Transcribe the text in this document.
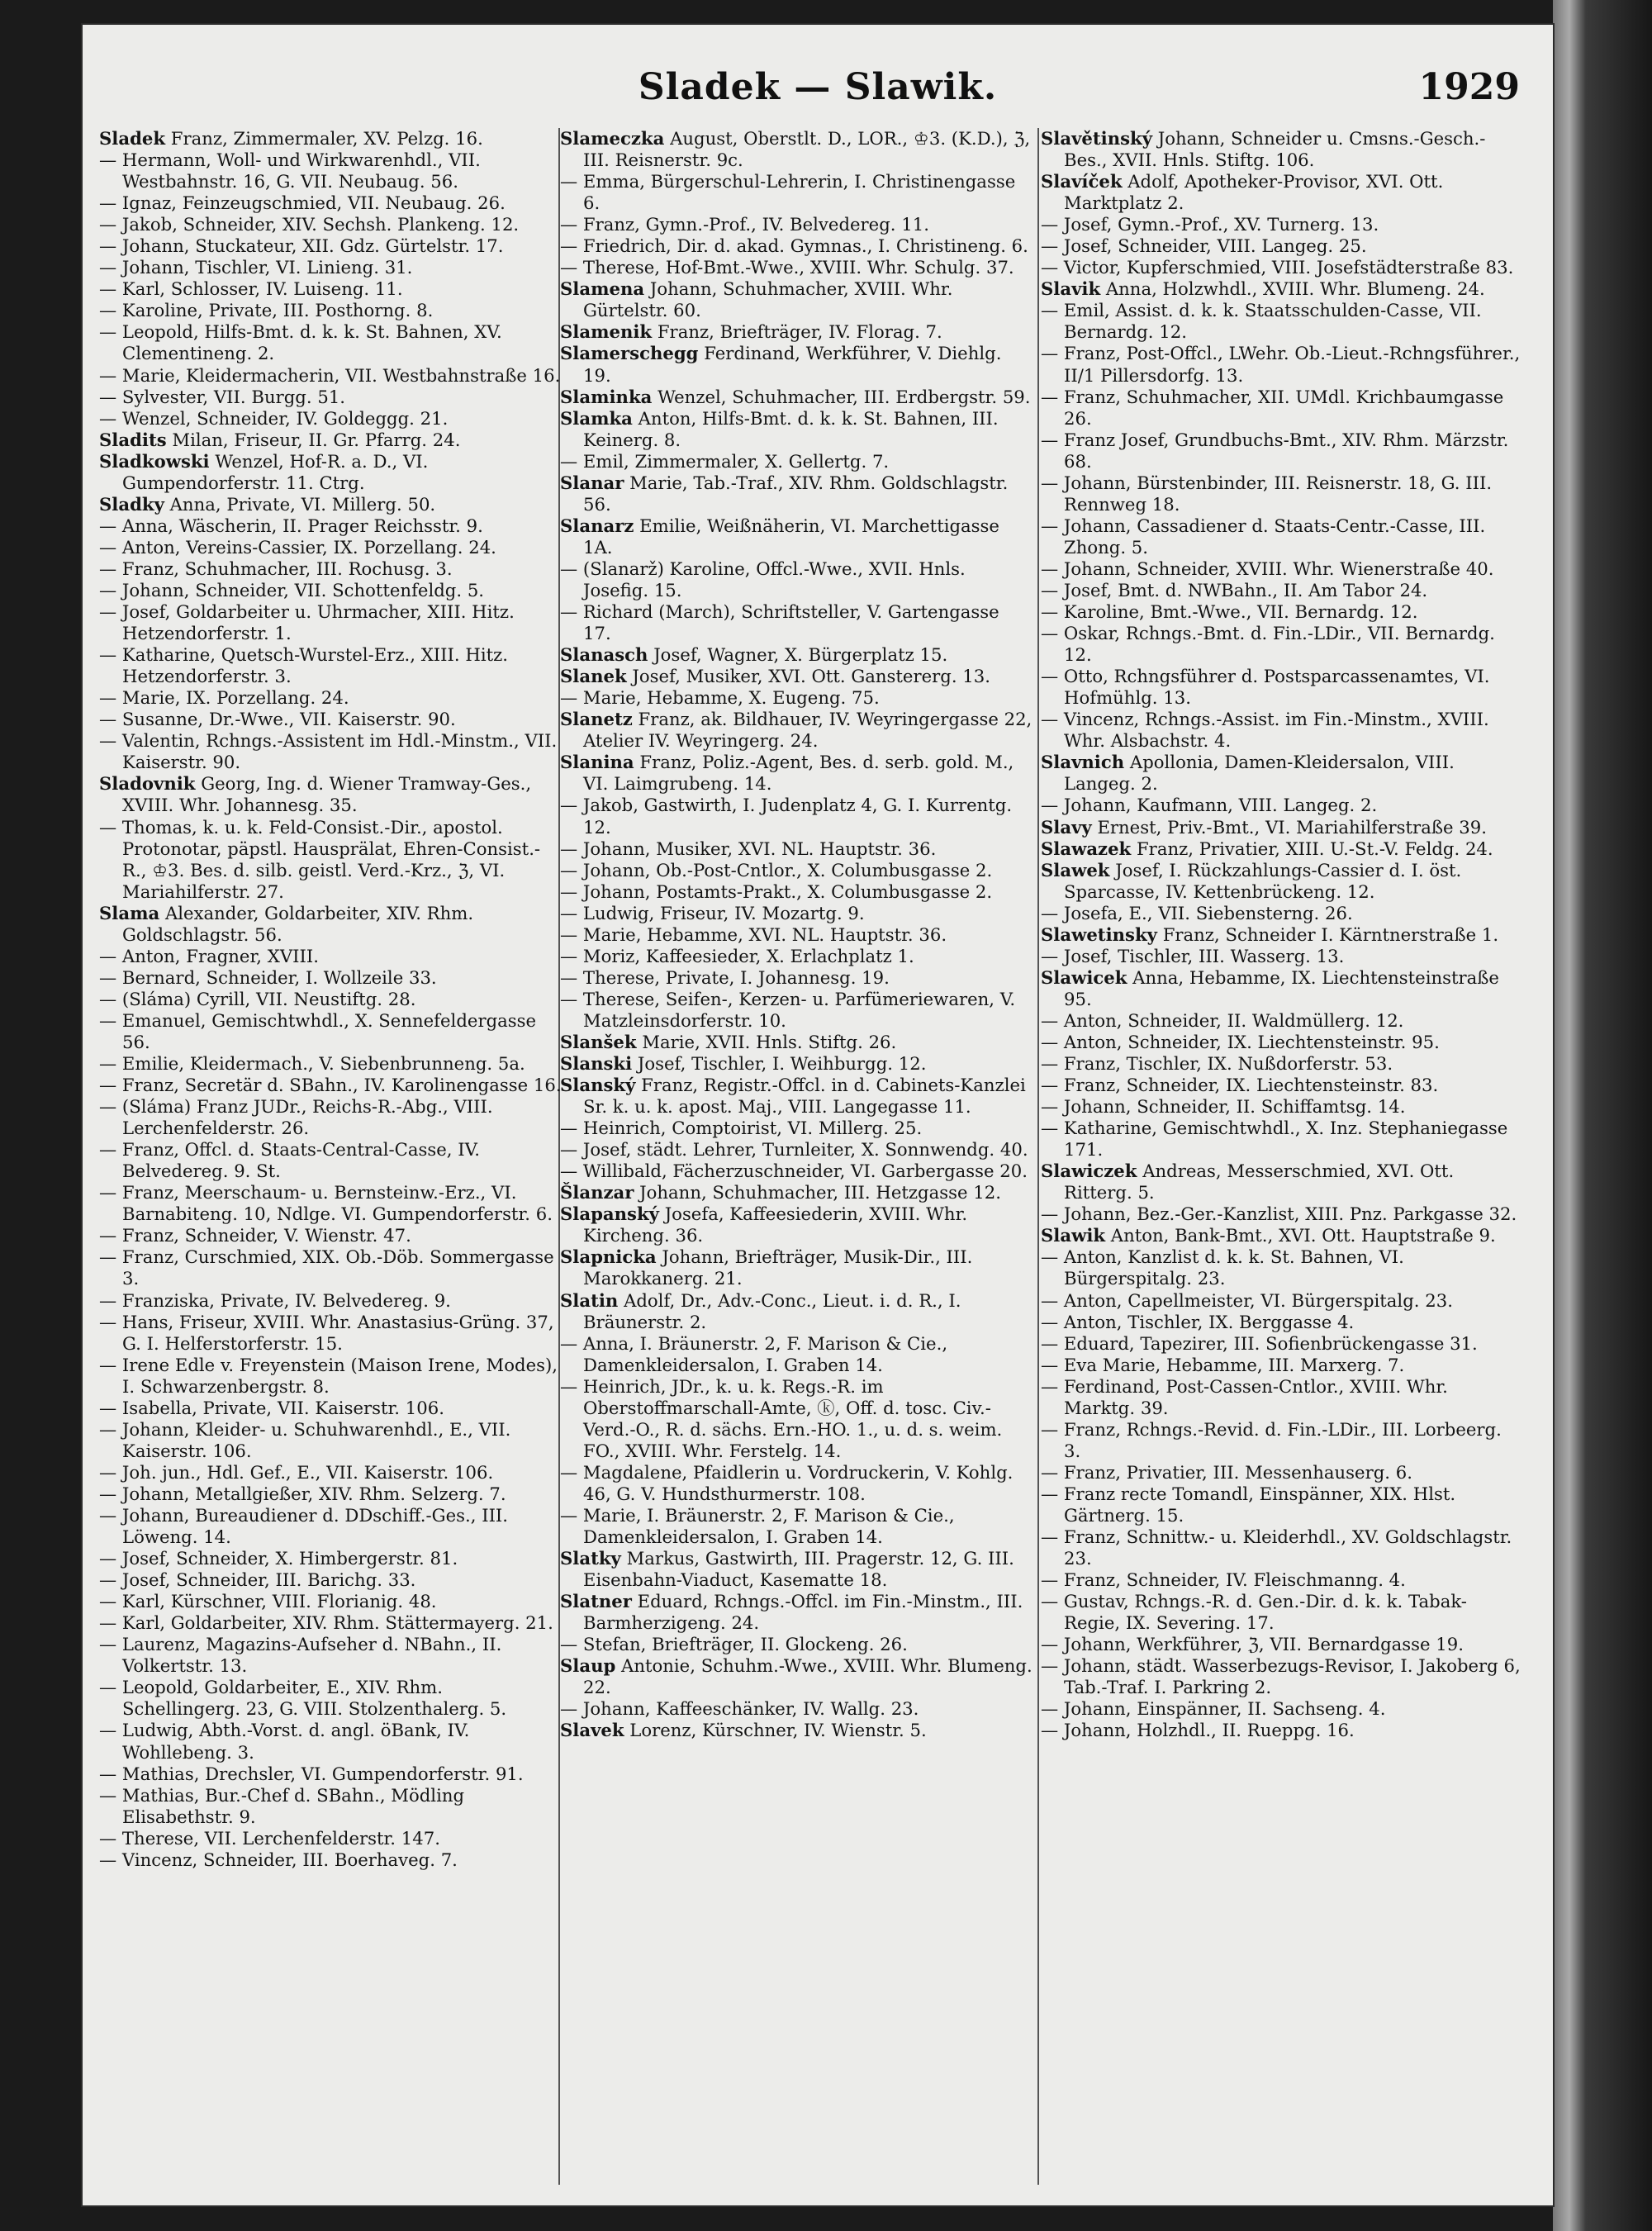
Sladek — Slawik.	1929

Sladek Franz, Zimmermaler, XV. Pelzg. 16.

— Hermann, Woll- und Wirkwarenhdl., VII. Westbahnstr. 16, G. VII. Neubaug. 56.

— Ignaz, Feinzeugschmied, VII. Neubaug. 26.

— Jakob, Schneider, XIV. Sechsh. Plankeng. 12.

— Johann, Stuckateur, XII. Gdz. Gürtelstr. 17.

— Johann, Tischler, VI. Linieng. 31.

— Karl, Schlosser, IV. Luiseng. 11.

— Karoline, Private, III. Posthorng. 8.

— Leopold, Hilfs-Bmt. d. k. k. St. Bahnen, XV. Clementineng. 2.

— Marie, Kleidermacherin, VII. Westbahnstraße 16.

— Sylvester, VII. Burgg. 51.

— Wenzel, Schneider, IV. Goldeggg. 21.

Sladits Milan, Friseur, II. Gr. Pfarrg. 24.

Sladkowski Wenzel, Hof-R. a. D., VI. Gumpendorferstr. 11. Ctrg.

Sladky Anna, Private, VI. Millerg. 50.

— Anna, Wäscherin, II. Prager Reichsstr. 9.

— Anton, Vereins-Cassier, IX. Porzellang. 24.

— Franz, Schuhmacher, III. Rochusg. 3.

— Johann, Schneider, VII. Schottenfeldg. 5.

— Josef, Goldarbeiter u. Uhrmacher, XIII. Hitz. Hetzendorferstr. 1.

— Katharine, Quetsch-Wurstel-Erz., XIII. Hitz. Hetzendorferstr. 3.

— Marie, IX. Porzellang. 24.

— Susanne, Dr.-Wwe., VII. Kaiserstr. 90.

— Valentin, Rchngs.-Assistent im Hdl.-Minstm., VII. Kaiserstr. 90.

Sladovnik Georg, Ing. d. Wiener Tramway-Ges., XVIII. Whr. Johannesg. 35.

— Thomas, k. u. k. Feld-Consist.-Dir., apostol. Protonotar, päpstl. Hausprälat, Ehren-Consist.-R., ♔3. Bes. d. silb. geistl. Verd.-Krz., ℨ, VI. Mariahilferstr. 27.

Slama Alexander, Goldarbeiter, XIV. Rhm. Goldschlagstr. 56.

— Anton, Fragner, XVIII.

— Bernard, Schneider, I. Wollzeile 33.

— (Sláma) Cyrill, VII. Neustiftg. 28.

— Emanuel, Gemischtwhdl., X. Sennefeldergasse 56.

— Emilie, Kleidermach., V. Siebenbrunneng. 5a.

— Franz, Secretär d. SBahn., IV. Karolinengasse 16.

— (Sláma) Franz JUDr., Reichs-R.-Abg., VIII. Lerchenfelderstr. 26.

— Franz, Offcl. d. Staats-Central-Casse, IV. Belvedereg. 9. St.

— Franz, Meerschaum- u. Bernsteinw.-Erz., VI. Barnabiteng. 10, Ndlge. VI. Gumpendorferstr. 6.

— Franz, Schneider, V. Wienstr. 47.

— Franz, Curschmied, XIX. Ob.-Döb. Sommergasse 3.

— Franziska, Private, IV. Belvedereg. 9.

— Hans, Friseur, XVIII. Whr. Anastasius-Grüng. 37, G. I. Helferstorferstr. 15.

— Irene Edle v. Freyenstein (Maison Irene, Modes), I. Schwarzenbergstr. 8.

— Isabella, Private, VII. Kaiserstr. 106.

— Johann, Kleider- u. Schuhwarenhdl., E., VII. Kaiserstr. 106.

— Joh. jun., Hdl. Gef., E., VII. Kaiserstr. 106.

— Johann, Metallgießer, XIV. Rhm. Selzerg. 7.

— Johann, Bureaudiener d. DDschiff.-Ges., III. Löweng. 14.

— Josef, Schneider, X. Himbergerstr. 81.

— Josef, Schneider, III. Barichg. 33.

— Karl, Kürschner, VIII. Florianig. 48.

— Karl, Goldarbeiter, XIV. Rhm. Stättermayerg. 21.

— Laurenz, Magazins-Aufseher d. NBahn., II. Volkertstr. 13.

— Leopold, Goldarbeiter, E., XIV. Rhm. Schellingerg. 23, G. VIII. Stolzenthalerg. 5.

— Ludwig, Abth.-Vorst. d. angl. öBank, IV. Wohllebeng. 3.

— Mathias, Drechsler, VI. Gumpendorferstr. 91.

— Mathias, Bur.-Chef d. SBahn., Mödling Elisabethstr. 9.

— Therese, VII. Lerchenfelderstr. 147.

— Vincenz, Schneider, III. Boerhaveg. 7.

Slameczka August, Oberstlt. D., LOR., ♔3. (K.D.), ℨ, III. Reisnerstr. 9c.

— Emma, Bürgerschul-Lehrerin, I. Christinengasse 6.

— Franz, Gymn.-Prof., IV. Belvedereg. 11.

— Friedrich, Dir. d. akad. Gymnas., I. Christineng. 6.

— Therese, Hof-Bmt.-Wwe., XVIII. Whr. Schulg. 37.

Slamena Johann, Schuhmacher, XVIII. Whr. Gürtelstr. 60.

Slamenik Franz, Briefträger, IV. Florag. 7.

Slamerschegg Ferdinand, Werkführer, V. Diehlg. 19.

Slaminka Wenzel, Schuhmacher, III. Erdbergstr. 59.

Slamka Anton, Hilfs-Bmt. d. k. k. St. Bahnen, III. Keinerg. 8.

— Emil, Zimmermaler, X. Gellertg. 7.

Slanar Marie, Tab.-Traf., XIV. Rhm. Goldschlagstr. 56.

Slanarz Emilie, Weißnäherin, VI. Marchettigasse 1A.

— (Slanarž) Karoline, Offcl.-Wwe., XVII. Hnls. Josefig. 15.

— Richard (March), Schriftsteller, V. Gartengasse 17.

Slanasch Josef, Wagner, X. Bürgerplatz 15.

Slanek Josef, Musiker, XVI. Ott. Ganstererg. 13.

— Marie, Hebamme, X. Eugeng. 75.

Slanetz Franz, ak. Bildhauer, IV. Weyringergasse 22, Atelier IV. Weyringerg. 24.

Slanina Franz, Poliz.-Agent, Bes. d. serb. gold. M., VI. Laimgrubeng. 14.

— Jakob, Gastwirth, I. Judenplatz 4, G. I. Kurrentg. 12.

— Johann, Musiker, XVI. NL. Hauptstr. 36.

— Johann, Ob.-Post-Cntlor., X. Columbusgasse 2.

— Johann, Postamts-Prakt., X. Columbusgasse 2.

— Ludwig, Friseur, IV. Mozartg. 9.

— Marie, Hebamme, XVI. NL. Hauptstr. 36.

— Moriz, Kaffeesieder, X. Erlachplatz 1.

— Therese, Private, I. Johannesg. 19.

— Therese, Seifen-, Kerzen- u. Parfümeriewaren, V. Matzleinsdorferstr. 10.

Slanšek Marie, XVII. Hnls. Stiftg. 26.

Slanski Josef, Tischler, I. Weihburgg. 12.

Slanský Franz, Registr.-Offcl. in d. Cabinets-Kanzlei Sr. k. u. k. apost. Maj., VIII. Langegasse 11.

— Heinrich, Comptoirist, VI. Millerg. 25.

— Josef, städt. Lehrer, Turnleiter, X. Sonnwendg. 40.

— Willibald, Fächerzuschneider, VI. Garbergasse 20.

Šlanzar Johann, Schuhmacher, III. Hetzgasse 12.

Slapanský Josefa, Kaffeesiederin, XVIII. Whr. Kircheng. 36.

Slapnicka Johann, Briefträger, Musik-Dir., III. Marokkanerg. 21.

Slatin Adolf, Dr., Adv.-Conc., Lieut. i. d. R., I. Bräunerstr. 2.

— Anna, I. Bräunerstr. 2, F. Marison & Cie., Damenkleidersalon, I. Graben 14.

— Heinrich, JDr., k. u. k. Regs.-R. im Oberstoffmarschall-Amte, ⓚ, Off. d. tosc. Civ.-Verd.-O., R. d. sächs. Ern.-HO. 1., u. d. s. weim. FO., XVIII. Whr. Ferstelg. 14.

— Magdalene, Pfaidlerin u. Vordruckerin, V. Kohlg. 46, G. V. Hundsthurmerstr. 108.

— Marie, I. Bräunerstr. 2, F. Marison & Cie., Damenkleidersalon, I. Graben 14.

Slatky Markus, Gastwirth, III. Pragerstr. 12, G. III. Eisenbahn-Viaduct, Kasematte 18.

Slatner Eduard, Rchngs.-Offcl. im Fin.-Minstm., III. Barmherzigeng. 24.

— Stefan, Briefträger, II. Glockeng. 26.

Slaup Antonie, Schuhm.-Wwe., XVIII. Whr. Blumeng. 22.

— Johann, Kaffeeschänker, IV. Wallg. 23.

Slavek Lorenz, Kürschner, IV. Wienstr. 5.

Slavětinský Johann, Schneider u. Cmsns.-Gesch.-Bes., XVII. Hnls. Stiftg. 106.

Slavíček Adolf, Apotheker-Provisor, XVI. Ott. Marktplatz 2.

— Josef, Gymn.-Prof., XV. Turnerg. 13.

— Josef, Schneider, VIII. Langeg. 25.

— Victor, Kupferschmied, VIII. Josefstädterstraße 83.

Slavik Anna, Holzwhdl., XVIII. Whr. Blumeng. 24.

— Emil, Assist. d. k. k. Staatsschulden-Casse, VII. Bernardg. 12.

— Franz, Post-Offcl., LWehr. Ob.-Lieut.-Rchngsführer., II/1 Pillersdorfg. 13.

— Franz, Schuhmacher, XII. UMdl. Krichbaumgasse 26.

— Franz Josef, Grundbuchs-Bmt., XIV. Rhm. Märzstr. 68.

— Johann, Bürstenbinder, III. Reisnerstr. 18, G. III. Rennweg 18.

— Johann, Cassadiener d. Staats-Centr.-Casse, III. Zhong. 5.

— Johann, Schneider, XVIII. Whr. Wienerstraße 40.

— Josef, Bmt. d. NWBahn., II. Am Tabor 24.

— Karoline, Bmt.-Wwe., VII. Bernardg. 12.

— Oskar, Rchngs.-Bmt. d. Fin.-LDir., VII. Bernardg. 12.

— Otto, Rchngsführer d. Postsparcassenamtes, VI. Hofmühlg. 13.

— Vincenz, Rchngs.-Assist. im Fin.-Minstm., XVIII. Whr. Alsbachstr. 4.

Slavnich Apollonia, Damen-Kleidersalon, VIII. Langeg. 2.

— Johann, Kaufmann, VIII. Langeg. 2.

Slavy Ernest, Priv.-Bmt., VI. Mariahilferstraße 39.

Slawazek Franz, Privatier, XIII. U.-St.-V. Feldg. 24.

Slawek Josef, I. Rückzahlungs-Cassier d. I. öst. Sparcasse, IV. Kettenbrückeng. 12.

— Josefa, E., VII. Siebensterng. 26.

Slawetinsky Franz, Schneider I. Kärntnerstraße 1.

— Josef, Tischler, III. Wasserg. 13.

Slawicek Anna, Hebamme, IX. Liechtensteinstraße 95.

— Anton, Schneider, II. Waldmüllerg. 12.

— Anton, Schneider, IX. Liechtensteinstr. 95.

— Franz, Tischler, IX. Nußdorferstr. 53.

— Franz, Schneider, IX. Liechtensteinstr. 83.

— Johann, Schneider, II. Schiffamtsg. 14.

— Katharine, Gemischtwhdl., X. Inz. Stephaniegasse 171.

Slawiczek Andreas, Messerschmied, XVI. Ott. Ritterg. 5.

— Johann, Bez.-Ger.-Kanzlist, XIII. Pnz. Parkgasse 32.

Slawik Anton, Bank-Bmt., XVI. Ott. Hauptstraße 9.

— Anton, Kanzlist d. k. k. St. Bahnen, VI. Bürgerspitalg. 23.

— Anton, Capellmeister, VI. Bürgerspitalg. 23.

— Anton, Tischler, IX. Berggasse 4.

— Eduard, Tapezirer, III. Sofienbrückengasse 31.

— Eva Marie, Hebamme, III. Marxerg. 7.

— Ferdinand, Post-Cassen-Cntlor., XVIII. Whr. Marktg. 39.

— Franz, Rchngs.-Revid. d. Fin.-LDir., III. Lorbeerg. 3.

— Franz, Privatier, III. Messenhauserg. 6.

— Franz recte Tomandl, Einspänner, XIX. Hlst. Gärtnerg. 15.

— Franz, Schnittw.- u. Kleiderhdl., XV. Goldschlagstr. 23.

— Franz, Schneider, IV. Fleischmanng. 4.

— Gustav, Rchngs.-R. d. Gen.-Dir. d. k. k. Tabak-Regie, IX. Severing. 17.

— Johann, Werkführer, ℨ, VII. Bernardgasse 19.

— Johann, städt. Wasserbezugs-Revisor, I. Jakoberg 6, Tab.-Traf. I. Parkring 2.

— Johann, Einspänner, II. Sachseng. 4.

— Johann, Holzhdl., II. Rueppg. 16.
